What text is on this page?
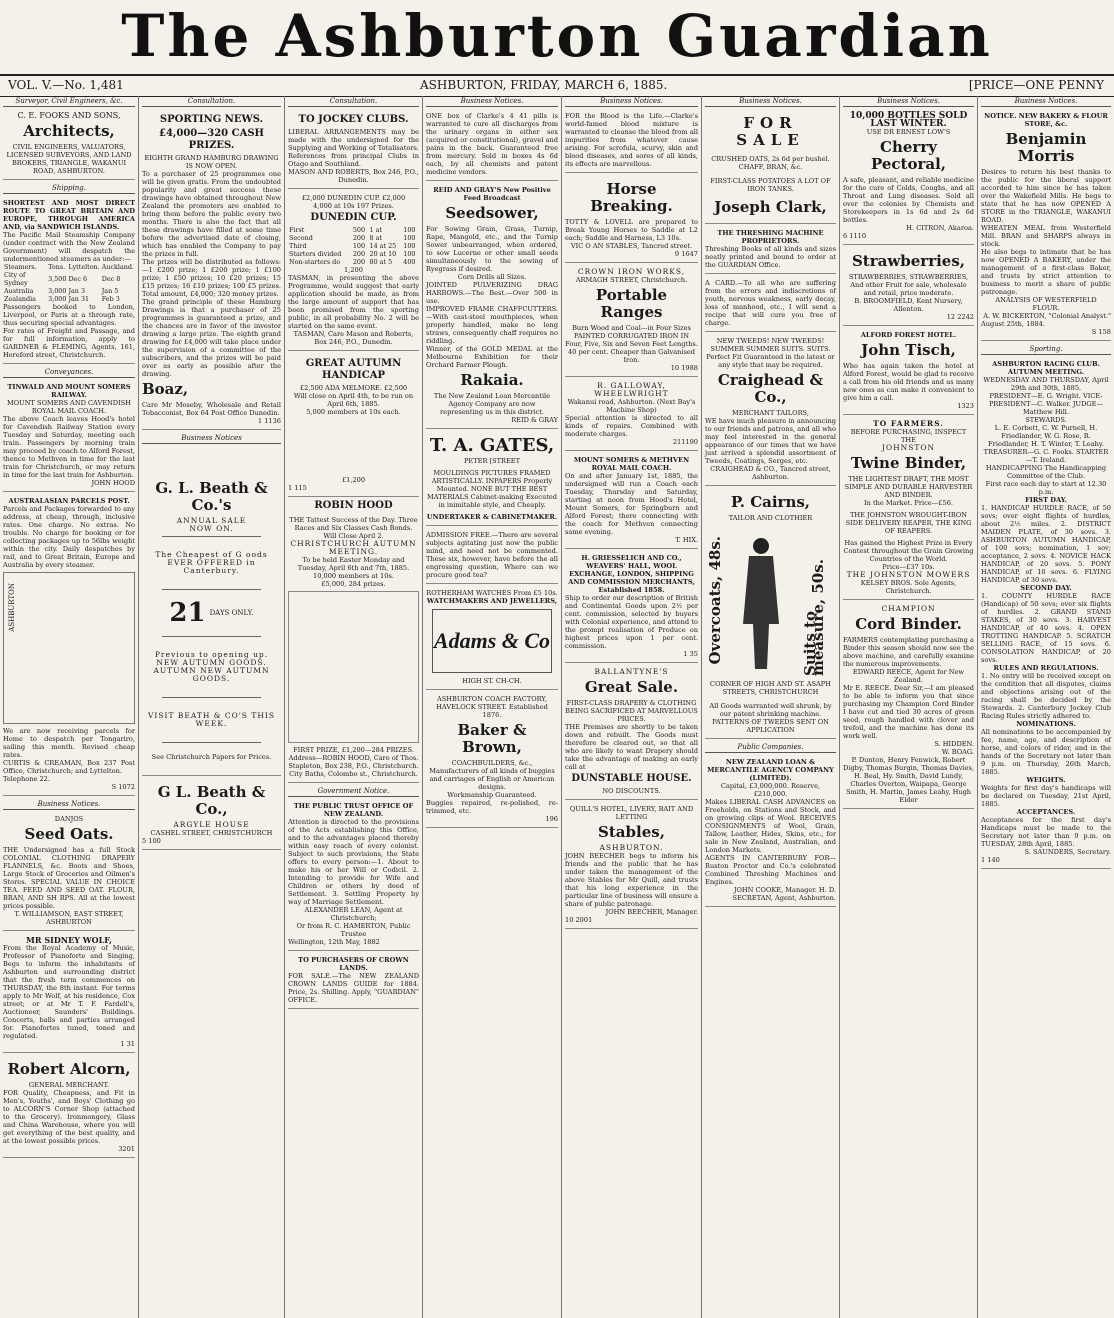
The Ashburton Guardian
VOL. V.—No. 1,481	ASHBURTON, FRIDAY, MARCH 6, 1885.	[PRICE—ONE PENNY
Surveyor, Civil Engineers, &c.
C. E. FOOKS AND SONS,
Architects,
CIVIL ENGINEERS, VALUATORS, LICENSED SURVEYORS, AND LAND BROKERS, TRIANGLE, WAKANUI ROAD, ASHBURTON.
Shipping.
SHORTEST AND MOST DIRECT ROUTE TO GREAT BRITAIN AND EUROPE, THROUGH AMERICA AND, via SANDWICH ISLANDS.
The Pacific Mail Steamship Company (under contract with the New Zealand Government) will despatch the undermentioned steamers as under:—
Steamers.	Tons.	Lyttelton.	Auckland.
City of Sydney	3,500	Dec 6	Dec 8
Australia	3,000	Jan 3	Jan 5
Zealandia	3,000	Jan 31	Feb 3
Passengers booked to London, Liverpool, or Paris at a through rate, thus securing special advantages.
For rates of Freight and Passage, and for full information, apply to GARDNER & FLEMING, Agents, 161, Hereford street, Christchurch.
Conveyances.
TINWALD AND MOUNT SOMERS RAILWAY.
MOUNT SOMERS AND CAVENDISH ROYAL MAIL COACH.
The above Coach leaves Hood's hotel for Cavendish Railway Station every Tuesday and Saturday, meeting each train. Passengers by morning train may proceed by coach to Alford Forest, thence to Methven in time for the last train for Christchurch, or may return in time for the last train for Ashburton.
JOHN HOOD
AUSTRALASIAN PARCELS POST.
Parcels and Packages forwarded to any address, at cheap, through, inclusive rates. One charge. No extras. No trouble. No charge for booking or for collecting packages up to 56lbs weight within the city. Daily despatches by rail, and to Great Britain, Europe and Australia by every steamer.
ASHBURTON
We are now receiving parcels for Home to despatch per Tongariro, sailing this month. Revised cheap rates.
CURTIS & CREAMAN, Box 237 Post Office, Christchurch; and Lyttelton.
Telephone 22.
S 1072
Business Notices.
DANJOS
Seed Oats.
THE Undersigned has a full Stock COLONIAL CLOTHING DRAPERY FLANNELS, &c. Boots and Shoes, Large Stock of Groceries and Oilmen's Stores. SPECIAL VALUE IN CHOICE TEA. FEED AND SEED OAT. FLOUR, BRAN, AND SH RPS. All at the lowest prices possible.
T. WILLIAMSON, EAST STREET, ASHBURTON
MR SIDNEY WOLF,
From the Royal Academy of Music, Professor of Pianoforte and Singing, Begs to inform the inhabitants of Ashburton and surrounding district that the fresh term commences on THURSDAY, the 8th instant. For terms apply to Mr Wolf, at his residence, Cox street; or at Mr T. F. Fardell's, Auctioneer, Saunders' Buildings. Concerts, balls and parties arranged for. Pianofortes tuned, toned and regulated.
1 31
Robert Alcorn,
GENERAL MERCHANT.
FOR Quality, Cheapness, and Fit in Men's, Youths', and Boys' Clothing go to ALCORN'S Corner Shop (attached to the Grocery). Ironmongery, Glass and China Warehouse, where you will get everything of the best quality, and at the lowest possible prices.
3201
Consultation.
SPORTING NEWS.
£4,000—320 CASH PRIZES.
EIGHTH GRAND HAMBURG DRAWING IS NOW OPEN.
To a purchaser of 25 programmes one will be given gratis. From the undoubted popularity and great success these drawings have obtained throughout New Zealand the promoters are enabled to bring them before the public every two months. There is also the fact that all these drawings have filled at some time before the advertised date of closing, which has enabled the Company to pay the prizes in full.
The prizes will be distributed as follows:—1 £200 prize; 1 £200 prize; 1 £100 prize; 1 £50 prizes; 10 £20 prizes; 15 £15 prizes; 16 £10 prizes; 100 £5 prizes. Total amount, £4,000; 320 money prizes.
The grand principle of these Hamburg Drawings is that a purchaser of 25 programmes is guaranteed a prize, and the chances are in favor of the investor drawing a large prize. The eighth grand drawing for £4,000 will take place under the supervision of a committee of the subscribers, and the prizes will be paid over as early as possible after the drawing.
Boaz,
Care Mr Moseby, Wholesale and Retail Tobacconist, Box 64 Post Office Dunedin.
1 1136
Business Notices
G. L. Beath & Co.'s
ANNUAL SALE
NOW ON.
The Cheapest of G oods EVER OFFERED in Canterbury.
21 DAYS ONLY.
Previous to opening up. NEW AUTUMN GOODS. AUTUMN NEW AUTUMN GOODS.
VISIT BEATH & CO'S THIS WEEK.
See Christchurch Papers for Prices.
G L. Beath & Co.,
ARGYLE HOUSE
CASHEL STREET, CHRISTCHURCH
5 100
Consultation.
TO JOCKEY CLUBS.
LIBERAL ARRANGEMENTS may be made with the undersigned for the Supplying and Working of Totalisators. References from principal Clubs in Otago and Southland.
MASON AND ROBERTS, Box 246, P.O., Dunedin.
£2,000 DUNEDIN CUP. £2,000
4,000 at 10s 197 Prizes.
DUNEDIN CUP.
First	500	1 at	100
Second	200	8 at	100
Third	100	14 at 25	100
Starters divided	200	20 at 10	100
Non-starters do	200	80 at 5	400
1,200
TASMAN, in presenting the above Programme, would suggest that early application should be made, as from the large amount of support that has been promised from the sporting public, in all probability No. 2 will be started on the same event.
TASMAN, Care Mason and Roberts, Box 246, P.O., Dunedin.
GREAT AUTUMN HANDICAP
£2,500 ADA MELMORE. £2,500
Will close on April 4th, to be run on April 6th, 1885.
5,000 members at 10s each.
£1,200
1 115
ROBIN HOOD
THE Tattest Success of the Day. Three Races and Six Classes Cash Bonds.
Will Close April 2.
CHRISTCHURCH AUTUMN MEETING.
To be held Easter Monday and Tuesday, April 6th and 7th, 1885.
10,000 members at 10s.
£5,000, 284 prizes.
FIRST PRIZE, £1,200—284 PRIZES.
Address—ROBIN HOOD, Care of Thos. Stapleton, Box 238, P.O., Christchurch.
City Baths, Colombo st., Christchurch.
Government Notice.
THE PUBLIC TRUST OFFICE OF NEW ZEALAND.
Attention is directed to the provisions of the Acts establishing this Office, and to the advantages placed thereby within easy reach of every colonist. Subject to such provisions, the State offers to every person:—1. About to make his or her Will or Codicil. 2. Intending to provide for Wife and Children or others by deed of Settlement. 3. Settling Property by way of Marriage Settlement.
ALEXANDER LEAN, Agent at Christchurch;
Or from R. C. HAMERTON, Public Trustee
Wellington, 12th May, 1882
TO PURCHASERS OF CROWN LANDS.
FOR SALE.—The NEW ZEALAND CROWN LANDS GUIDE for 1884. Price, 2s. Shilling. Apply, "GUARDIAN" OFFICE.
Business Notices.
ONE box of Clarke's 4 41 pills is warranted to cure all discharges from the urinary organs in either sex (acquired or constitutional), gravel and pains in the back. Guaranteed free from mercury. Sold in boxes 4s 6d each, by all chemists and patent medicine vendors.
REID AND GRAY'S New Positive Feed Broadcast
Seedsower,
For Sowing Grain, Grass, Turnip, Rape, Mangold, etc., and the Turnip Sower unbearranged, when ordered, to sow Lucerne or other small seeds simultaneously to the sowing of Ryegrass if desired.
Corn Drills all Sizes.
JOINTED PULVERIZING DRAG HARROWS.—The Best.—Over 500 in use.
IMPROVED FRAME CHAFFCUTTERS.—With cast-steel mouthpieces, when properly handled, make no long straws, consequently chaff requires no riddling.
Winner, of the GOLD MEDAL at the Melbourne Exhibition for their Orchard Farmer Plough.
Rakaia.
The New Zealand Loan Mercantile Agency Company are now representing us in this district.
REID & GRAY
T. A. GATES,
PETER [STREET
MOULDINGS PICTURES FRAMED ARTISTICALLY. INPAPERS Properly Mounted. NONE BUT THE BEST MATERIALS Cabinet-making Executed in inimitable style, and Cheaply.
UNDERTAKER & CABINETMAKER.
ADMISSION FREE.—There are several subjects agitating just now the public mind, and need not be commented. These six, however, have before the all engrossing question, Where can we procure good tea?
ROTHERHAM WATCHES From £5 10s.
WATCHMAKERS AND JEWELLERS,
Adams & Co
HIGH ST. CH-CH.
ASHBURTON COACH FACTORY,
HAVELOCK STREET. Established 1876.
Baker & Brown,
COACHBUILDERS, &c.,
Manufacturers of all kinds of buggies and carriages of English or American designs.
Workmanship Guaranteed.
Buggies repaired, re-polished, re-trimmed, etc.
196
Business Notices.
FOR the Blood is the Life.—Clarke's world-famed blood mixture is warranted to cleanse the blood from all impurities from whatever cause arising. For scrofula, scurvy, skin and blood diseases, and sores of all kinds, its effects are marvellous.
Horse Breaking.
TOTTY & LOVELL are prepared to Break Young Horses to Saddle at L2 each; Saddle and Harness, L3 10s.
VIC O AN STABLES, Tancred street.
9 1647
CROWN IRON WORKS,
ARMAGH STREET, Christchurch.
Portable Ranges
Burn Wood and Coal—in Four Sizes
PAINTED CORRUGATED IRON IN Four, Five, Six and Seven Feet Lengths.
40 per cent. Cheaper than Galvanised Iron.
10 1988
R. GALLOWAY, WHEELWRIGHT
Wakanui road, Ashburton. (Next Bay's Machine Shop)
Special attention is directed to all kinds of repairs. Combined with moderate charges.
211190
MOUNT SOMERS & METHVEN ROYAL MAIL COACH.
On and after January 1st, 1885, the undersigned will run a Coach each Tuesday, Thursday and Saturday, starting at noon from Hood's Hotel, Mount Somers, for Springburn and Alford Forest; there connecting with the coach for Methven connecting same evening.
T. HIX.
H. GRIESSELICH AND CO., WEAVERS' HALL, WOOL EXCHANGE, LONDON, SHIPPING AND COMMISSION MERCHANTS, Established 1858.
Ship to order our description of British and Continental Goods upon 2½ per cent. commission, selected by buyers with Colonial experience, and attend to the prompt realisation of Produce on highest prices upon 1 per cent. commission.
1 35
BALLANTYNE'S
Great Sale.
FIRST-CLASS DRAPERY & CLOTHING BEING SACRIFICED AT MARVELLOUS PRICES.
THE Premises are shortly to be taken down and rebuilt. The Goods must therefore be cleared out, so that all who are likely to want Drapery should take the advantage of making an early call at
DUNSTABLE HOUSE.
NO DISCOUNTS.
QUILL'S HOTEL, LIVERY, BAIT AND LETTING
Stables,
ASHBURTON.
JOHN BEECHER begs to inform his friends and the public that he has under taken the management of the above Stables for Mr Quill, and trusts that his long experience in the particular line of business will ensure a share of public patronage.
JOHN BEECHER, Manager.
10 2001
Business Notices.
FOR SALE
CRUSHED OATS, 2s 6d per bushel. CHAFF, BRAN, &c.
FIRST-CLASS POTATOES A LOT OF IRON TANKS.
Joseph Clark,
THE THRESHING MACHINE PROPRIETORS.
Threshing Books of all kinds and sizes neatly printed and bound to order at the GUARDIAN Office.
A CARD.—To all who are suffering from the errors and indiscretions of youth, nervous weakness, early decay, loss of manhood, etc., I will send a recipe that will cure you free of charge.
NEW TWEEDS! NEW TWEEDS! SUMMER SUMMER SUITS. SUITS. Perfect Fit Guaranteed in the latest or any style that may be required.
Craighead & Co.,
MERCHANT TAILORS,
WE have much pleasure in announcing to our friends and patrons, and all who may feel interested in the general appearance of our times that we have just arrived a splendid assortment of Tweeds, Coatings, Serges, etc.
CRAIGHEAD & CO., Tancred street, Ashburton.
P. Cairns,
TAILOR AND CLOTHIER
Overcoats, 48s.	Suits to measure, 50s.
CORNER OF HIGH AND ST. ASAPH STREETS, CHRISTCHURCH
All Goods warranted well shrunk, by our patent shrinking machine.
PATTERNS OF TWEEDS SENT ON APPLICATION
Public Companies.
NEW ZEALAND LOAN & MERCANTILE AGENCY COMPANY (LIMITED).
Capital, £3,000,000. Reserve, £210,000.
Makes LIBERAL CASH ADVANCES on Freeholds, on Stations and Stock, and on growing clips of Wool. RECEIVES CONSIGNMENTS of Wool, Grain, Tallow, Leather, Hides, Skins, etc., for sale in New Zealand, Australian, and London Markets.
AGENTS IN CANTERBURY FOR—Ruston Proctor and Co.'s celebrated Combined Threshing Machines and Engines.
JOHN COOKE, Manager. H. D. SECRETAN, Agent, Ashburton.
Business Notices.
10,000 BOTTLES SOLD LAST WINTER.
USE DR ERNEST LOW'S
Cherry Pectoral,
A safe, pleasant, and reliable medicine for the cure of Colds, Coughs, and all Throat and Lung diseases. Sold all over the colonies by Chemists and Storekeepers in 1s 6d and 2s 6d bottles.
H. CITRON, Akaroa.
6 1110
Strawberries,
STRAWBERRIES, STRAWBERRIES, And other Fruit for sale, wholesale and retail, price moderate.
B. BROOMFIELD, Kent Nursery, Allenton.
12 2242
ALFORD FOREST HOTEL.
John Tisch,
Who has again taken the hotel at Alford Forest, would be glad to receive a call from his old friends and as many new ones as can make it convenient to give him a call.
1323
TO FARMERS.
BEFORE PURCHASING, INSPECT THE
JOHNSTON
Twine Binder,
THE LIGHTEST DRAFT, THE MOST SIMPLE AND DURABLE HARVESTER AND BINDER.
In the Market. Price—£56.
THE JOHNSTON WROUGHT-IRON SIDE DELIVERY REAPER, THE KING OF REAPERS.
Has gained the Highest Prize in Every Contest throughout the Grain Growing Countries of the World.
Price—£37 10s.
THE JOHNSTON MOWERS
KELSEY BROS. Sole Agents, Christchurch.
CHAMPION
Cord Binder.
FARMERS contemplating purchasing a Binder this season should now see the above machine, and carefully examine the numerous improvements.
EDWARD REECE, Agent for New Zealand.
Mr E. REECE. Dear Sir,—I am pleased to be able to inform you that since purchasing my Champion Cord Binder I have cut and tied 30 acres of green seed, rough handled with clover and trefoil, and the machine has done its work well.
S. HIDDEN.
W. BOAG.
P. Dunton, Henry Fenwick, Robert Digby, Thomas Burgin, Thomas Davies, H. Beal, Hy. Smith, David Lundy, Charles Overton, Waipapa, George Smith, H. Martin, James Leahy, Hugh Elder
Business Notices.
NOTICE. NEW BAKERY & FLOUR STORE, &c.
Benjamin Morris
Desires to return his best thanks to the public for the liberal support accorded to him since he has taken over the Wakefield Mills. He begs to state that he has now OPENED A STORE in the TRIANGLE, WAKANUI ROAD.
WHEATEN MEAL from Westerfield Mill. BRAN and SHARPS always in stock.
He also begs to intimate that he has now OPENED A BAKERY, under the management of a first-class Baker, and trusts by strict attention to business to merit a share of public patronage.
ANALYSIS OF WESTERFIELD FLOUR.
A. W. BICKERTON, "Colonial Analyst."
August 25th, 1884.
S 158
Sporting.
ASHBURTON RACING CLUB. AUTUMN MEETING.
WEDNESDAY AND THURSDAY, April 29th and 30th, 1885.
PRESIDENT—E. G. Wright. VICE-PRESIDENT—C. Walker. JUDGE—Matthew Hill.
STEWARDS.
L. E. Corbett, C. W. Purnell, H. Friedlander, W. G. Rose, R. Friedlander, H. T. Winter, T. Leahy.
TREASURER—G. C. Fooks. STARTER—T. Ireland.
HANDICAPPING The Handicapping Committee of the Club.
First race each day to start at 12.30 p.m.
FIRST DAY.
1. HANDICAP HURDLE RACE, of 50 sovs; over eight flights of hurdles, about 2½ miles. 2. DISTRICT MAIDEN PLATE, of 30 sovs. 3. ASHBURTON AUTUMN HANDICAP, of 100 sovs; nomination, 1 sov; acceptance, 2 sovs. 4. NOVICE HACK HANDICAP, of 20 sovs. 5. PONY HANDICAP, of 10 sovs. 6. FLYING HANDICAP, of 30 sovs.
SECOND DAY.
1. COUNTY HURDLE RACE (Handicap) of 50 sovs; over six flights of hurdles. 2. GRAND STAND STAKES, of 30 sovs. 3. HARVEST HANDICAP, of 40 sovs. 4. OPEN TROTTING HANDICAP. 5. SCRATCH SELLING RACE, of 15 sovs. 6. CONSOLATION HANDICAP, of 20 sovs.
RULES AND REGULATIONS.
1. No entry will be received except on the condition that all disputes, claims and objections arising out of the racing shall be decided by the Stewards. 2. Canterbury Jockey Club Racing Rules strictly adhered to.
NOMINATIONS.
All nominations to be accompanied by fee, name, age, and description of horse, and colors of rider, and in the hands of the Secretary not later than 9 p.m. on Thursday, 26th March, 1885.
WEIGHTS.
Weights for first day's handicaps will be declared on Tuesday, 21st April, 1885.
ACCEPTANCES.
Acceptances for the first day's Handicaps must be made to the Secretary not later than 9 p.m. on TUESDAY, 28th April, 1885.
S. SAUNDERS, Secretary.
1 140
